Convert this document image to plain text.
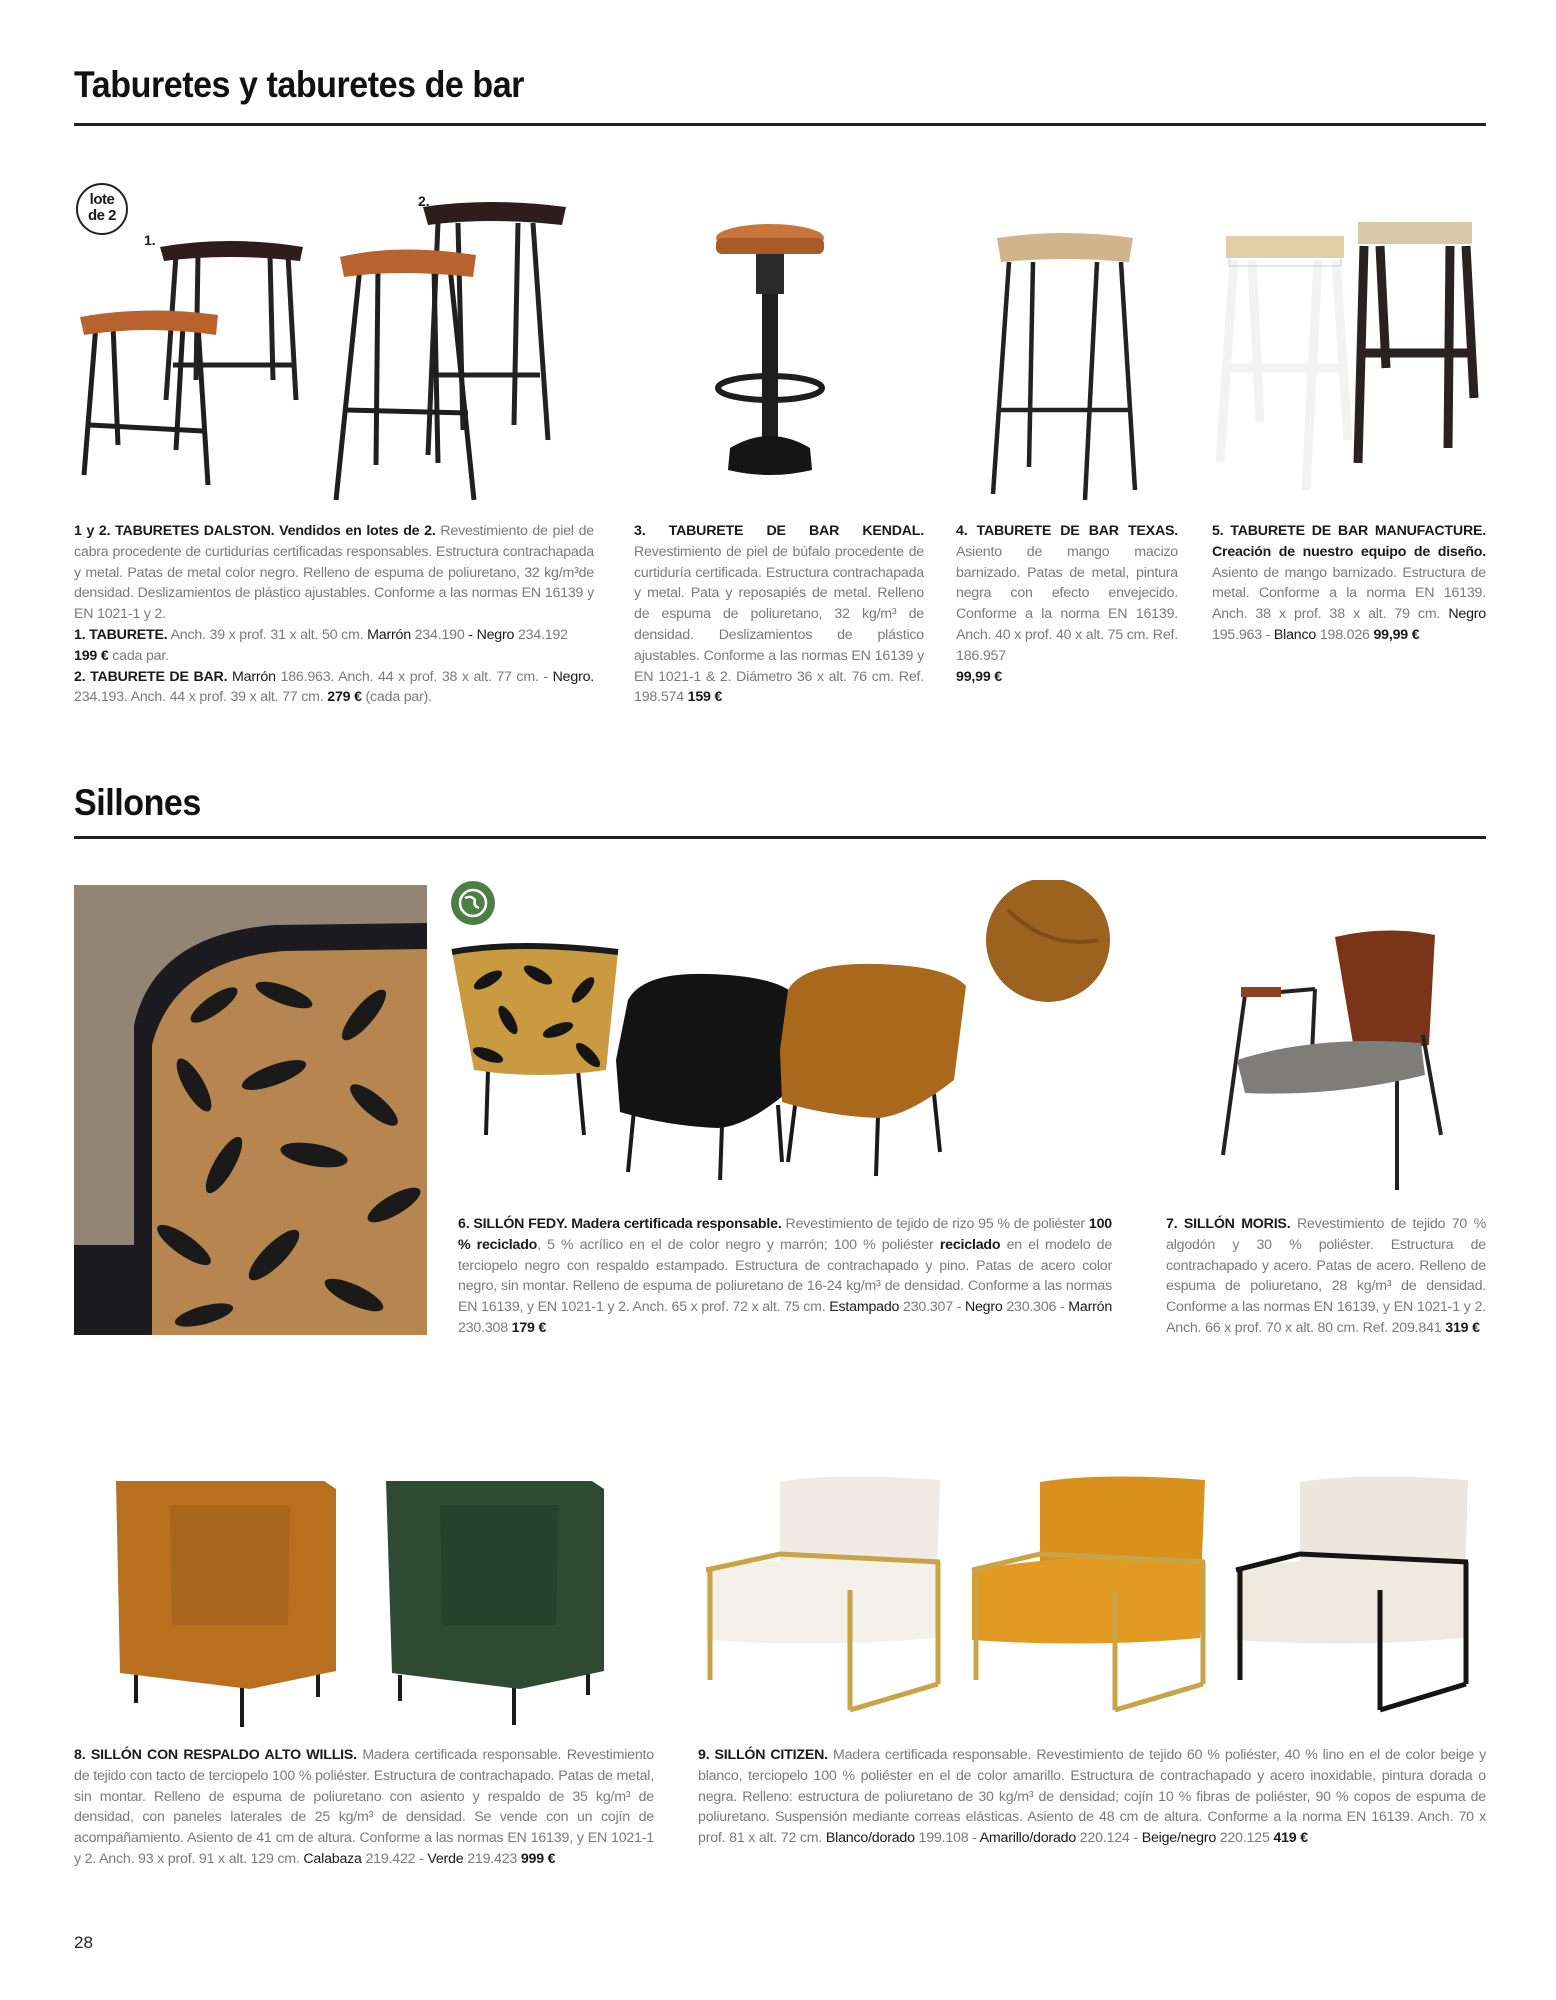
Taburetes y taburetes de bar
lote
de 2
1.
2.
1 y 2. TABURETES DALSTON. Vendidos en lotes de 2. Revestimiento de piel de cabra procedente de curtidurías certificadas responsables. Estructura contrachapada y metal. Patas de metal color negro. Relleno de espuma de poliuretano, 32 kg/m³de densidad. Deslizamientos de plástico ajustables. Conforme a las normas EN 16139 y EN 1021-1 y 2.
1. TABURETE. Anch. 39 x prof. 31 x alt. 50 cm. Marrón 234.190 - Negro 234.192
199 € cada par.
2. TABURETE DE BAR. Marrón 186.963. Anch. 44 x prof. 38 x alt. 77 cm. - Negro. 234.193. Anch. 44 x prof. 39 x alt. 77 cm. 279 € (cada par).
3. TABURETE DE BAR KENDAL. Revestimiento de piel de búfalo procedente de curtiduría certificada. Estructura contrachapada y metal. Pata y reposapiés de metal. Relleno de espuma de poliuretano, 32 kg/m³ de densidad. Deslizamientos de plástico ajustables. Conforme a las normas EN 16139 y EN 1021-1 & 2. Diámetro 36 x alt. 76 cm. Ref. 198.574 159 €
4. TABURETE DE BAR TEXAS. Asiento de mango macizo barnizado. Patas de metal, pintura negra con efecto envejecido. Conforme a la norma EN 16139. Anch. 40 x prof. 40 x alt. 75 cm. Ref. 186.957
99,99 €
5. TABURETE DE BAR MANUFACTURE. Creación de nuestro equipo de diseño. Asiento de mango barnizado. Estructura de metal. Conforme a la norma EN 16139. Anch. 38 x prof. 38 x alt. 79 cm. Negro 195.963 - Blanco 198.026 99,99 €
Sillones
6. SILLÓN FEDY. Madera certificada responsable. Revestimiento de tejido de rizo 95 % de poliéster 100 % reciclado, 5 % acrílico en el de color negro y marrón; 100 % poliéster reciclado en el modelo de terciopelo negro con respaldo estampado. Estructura de contrachapado y pino. Patas de acero color negro, sin montar. Relleno de espuma de poliuretano de 16-24 kg/m³ de densidad. Conforme a las normas EN 16139, y EN 1021-1 y 2. Anch. 65 x prof. 72 x alt. 75 cm. Estampado 230.307 - Negro 230.306 - Marrón 230.308 179 €
7. SILLÓN MORIS. Revestimiento de tejido 70 % algodón y 30 % poliéster. Estructura de contrachapado y acero. Patas de acero. Relleno de espuma de poliuretano, 28 kg/m³ de densidad. Conforme a las normas EN 16139, y EN 1021-1 y 2. Anch. 66 x prof. 70 x alt. 80 cm. Ref. 209.841 319 €
8. SILLÓN CON RESPALDO ALTO WILLIS. Madera certificada responsable. Revestimiento de tejido con tacto de terciopelo 100 % poliéster. Estructura de contrachapado. Patas de metal, sin montar. Relleno de espuma de poliuretano con asiento y respaldo de 35 kg/m³ de densidad, con paneles laterales de 25 kg/m³ de densidad. Se vende con un cojín de acompañamiento. Asiento de 41 cm de altura. Conforme a las normas EN 16139, y EN 1021-1 y 2. Anch. 93 x prof. 91 x alt. 129 cm. Calabaza 219.422 - Verde 219.423 999 €
9. SILLÓN CITIZEN. Madera certificada responsable. Revestimiento de tejido 60 % poliéster, 40 % lino en el de color beige y blanco, terciopelo 100 % poliéster en el de color amarillo. Estructura de contrachapado y acero inoxidable, pintura dorada o negra. Relleno: estructura de poliuretano de 30 kg/m³ de densidad; cojín 10 % fibras de poliéster, 90 % copos de espuma de poliuretano. Suspensión mediante correas elásticas. Asiento de 48 cm de altura. Conforme a la norma EN 16139. Anch. 70 x prof. 81 x alt. 72 cm. Blanco/dorado 199.108 - Amarillo/dorado 220.124 - Beige/negro 220.125 419 €
28
